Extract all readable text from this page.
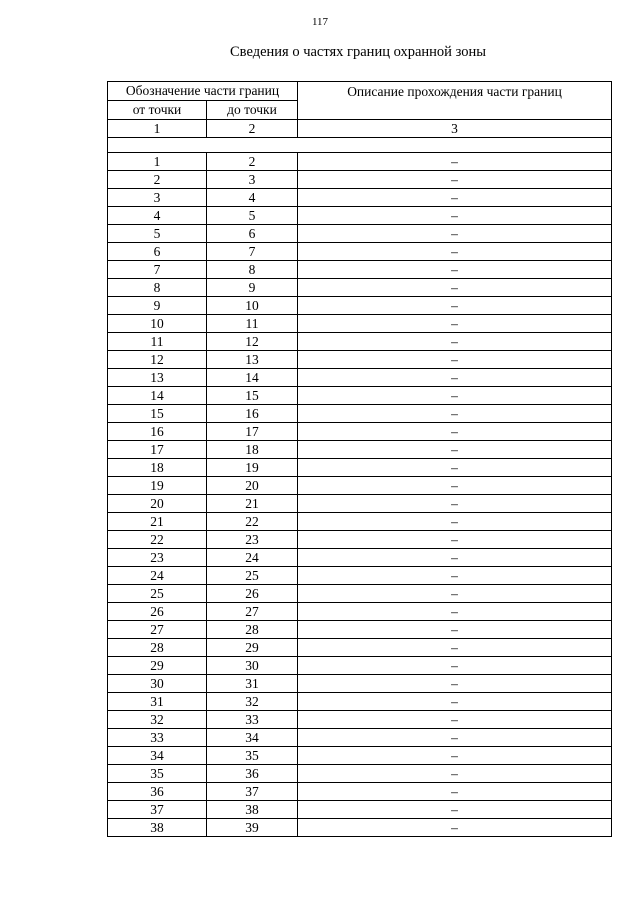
117
Сведения о частях границ охранной зоны
Обозначение части границ		Описание прохождения части границ
от точки	до точки	
1	2	3

1	2	–
2	3	–
3	4	–
4	5	–
5	6	–
6	7	–
7	8	–
8	9	–
9	10	–
10	11	–
11	12	–
12	13	–
13	14	–
14	15	–
15	16	–
16	17	–
17	18	–
18	19	–
19	20	–
20	21	–
21	22	–
22	23	–
23	24	–
24	25	–
25	26	–
26	27	–
27	28	–
28	29	–
29	30	–
30	31	–
31	32	–
32	33	–
33	34	–
34	35	–
35	36	–
36	37	–
37	38	–
38	39	–
